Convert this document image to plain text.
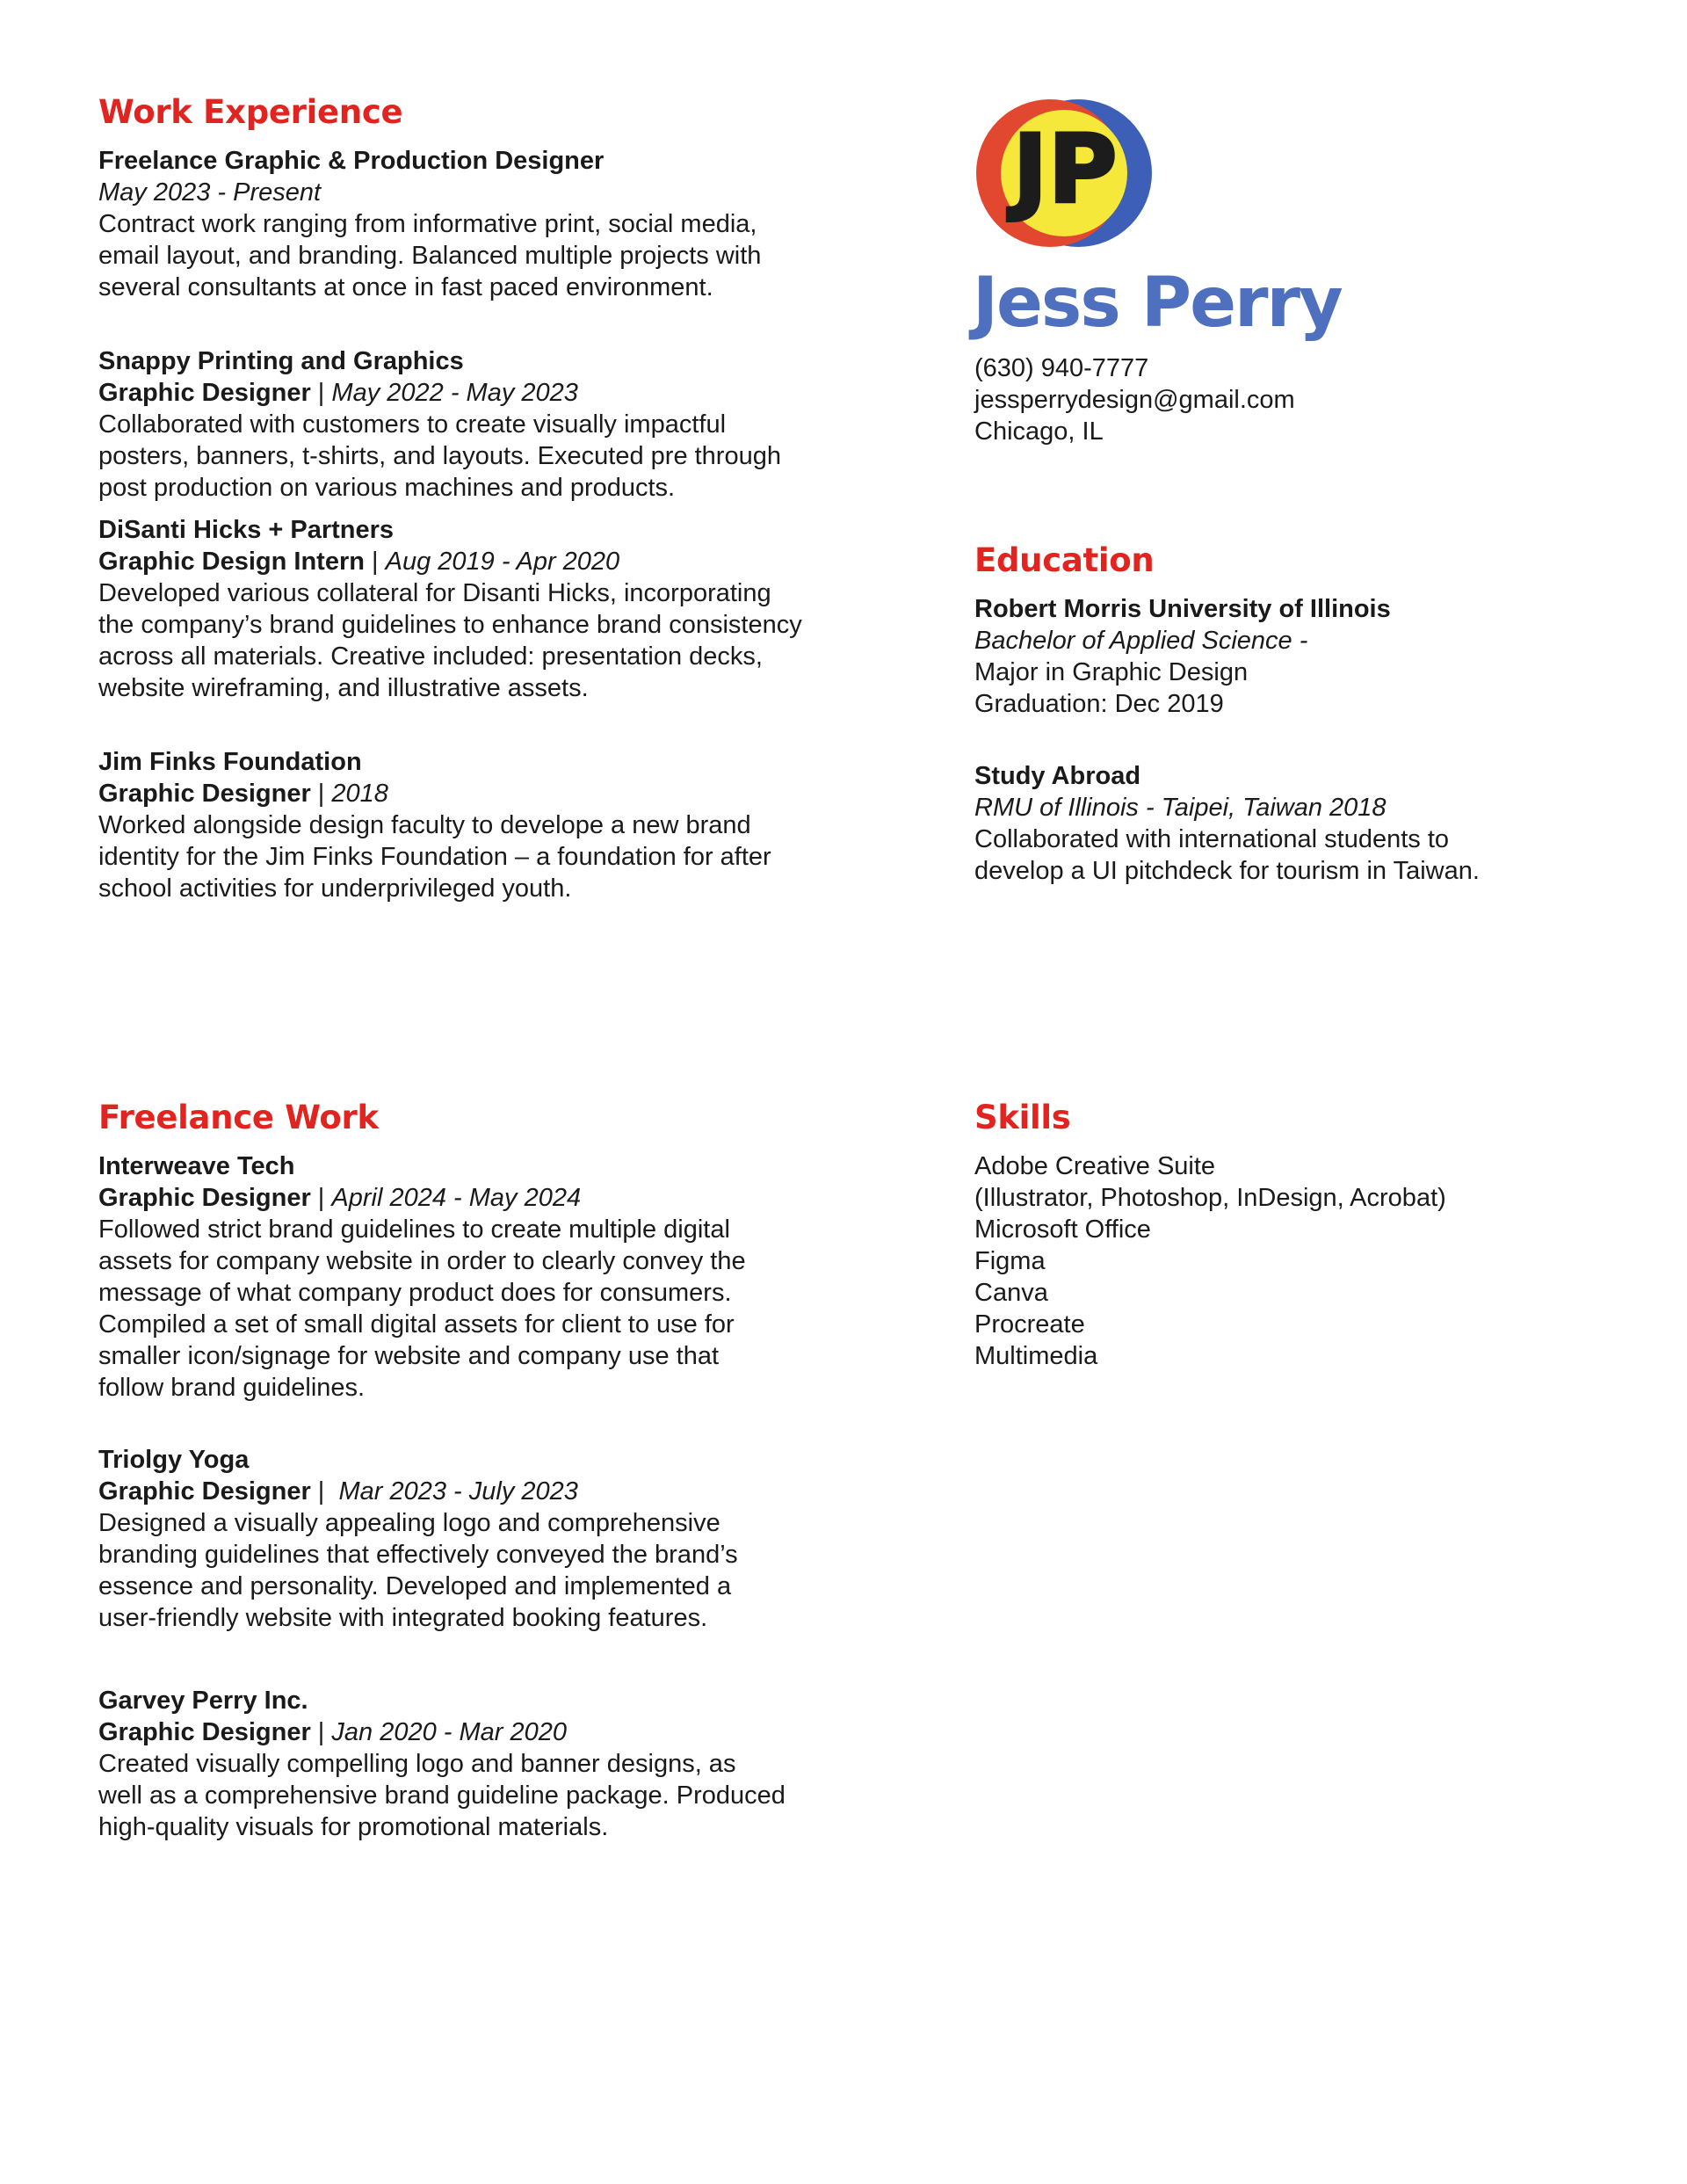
Work Experience
Freelance Graphic & Production Designer
May 2023 - Present
Contract work ranging from informative print, social media,
email layout, and branding. Balanced multiple projects with
several consultants at once in fast paced environment.
Snappy Printing and Graphics
Graphic Designer | May 2022 - May 2023
Collaborated with customers to create visually impactful
posters, banners, t-shirts, and layouts. Executed pre through
post production on various machines and products.
DiSanti Hicks + Partners
Graphic Design Intern | Aug 2019 - Apr 2020
Developed various collateral for Disanti Hicks, incorporating
the company’s brand guidelines to enhance brand consistency
across all materials. Creative included: presentation decks,
website wireframing, and illustrative assets.
Jim Finks Foundation
Graphic Designer | 2018
Worked alongside design faculty to develope a new brand
identity for the Jim Finks Foundation – a foundation for after
school activities for underprivileged youth.
Freelance Work
Interweave Tech
Graphic Designer | April 2024 - May 2024
Followed strict brand guidelines to create multiple digital
assets for company website in order to clearly convey the
message of what company product does for consumers.
Compiled a set of small digital assets for client to use for
smaller icon/signage for website and company use that
follow brand guidelines.
Triolgy Yoga
Graphic Designer |  Mar 2023 - July 2023
Designed a visually appealing logo and comprehensive
branding guidelines that effectively conveyed the brand’s
essence and personality. Developed and implemented a
user-friendly website with integrated booking features.
Garvey Perry Inc.
Graphic Designer | Jan 2020 - Mar 2020
Created visually compelling logo and banner designs, as
well as a comprehensive brand guideline package. Produced
high-quality visuals for promotional materials.
JP
Jess Perry
(630) 940-7777
jessperrydesign@gmail.com
Chicago, IL
Education
Robert Morris University of Illinois
Bachelor of Applied Science -
Major in Graphic Design
Graduation: Dec 2019
Study Abroad
RMU of Illinois - Taipei, Taiwan 2018
Collaborated with international students to
develop a UI pitchdeck for tourism in Taiwan.
Skills
Adobe Creative Suite
(Illustrator, Photoshop, InDesign, Acrobat)
Microsoft Office
Figma
Canva
Procreate
Multimedia
